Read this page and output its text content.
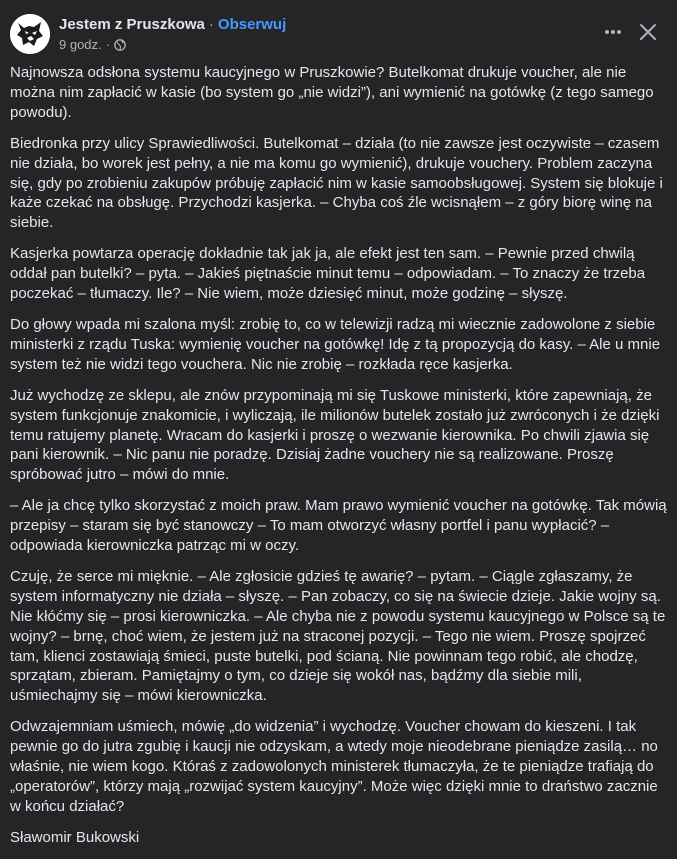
Jestem z Pruszkowa · Obserwuj
9 godz. ·

Najnowsza odsłona systemu kaucyjnego w Pruszkowie? Butelkomat drukuje voucher, ale nie można nim zapłacić w kasie (bo system go „nie widzi”), ani wymienić na gotówkę (z tego samego powodu).

Biedronka przy ulicy Sprawiedliwości. Butelkomat – działa (to nie zawsze jest oczywiste – czasem nie działa, bo worek jest pełny, a nie ma komu go wymienić), drukuje vouchery. Problem zaczyna się, gdy po zrobieniu zakupów próbuję zapłacić nim w kasie samoobsługowej. System się blokuje i każe czekać na obsługę. Przychodzi kasjerka. – Chyba coś źle wcisnąłem – z góry biorę winę na siebie.

Kasjerka powtarza operację dokładnie tak jak ja, ale efekt jest ten sam. – Pewnie przed chwilą oddał pan butelki? – pyta. – Jakieś piętnaście minut temu – odpowiadam. – To znaczy że trzeba poczekać – tłumaczy. Ile? – Nie wiem, może dziesięć minut, może godzinę – słyszę.

Do głowy wpada mi szalona myśl: zrobię to, co w telewizji radzą mi wiecznie zadowolone z siebie ministerki z rządu Tuska: wymienię voucher na gotówkę! Idę z tą propozycją do kasy. – Ale u mnie system też nie widzi tego vouchera. Nic nie zrobię – rozkłada ręce kasjerka.

Już wychodzę ze sklepu, ale znów przypominają mi się Tuskowe ministerki, które zapewniają, że system funkcjonuje znakomicie, i wyliczają, ile milionów butelek zostało już zwróconych i że dzięki temu ratujemy planetę. Wracam do kasjerki i proszę o wezwanie kierownika. Po chwili zjawia się pani kierownik. – Nic panu nie poradzę. Dzisiaj żadne vouchery nie są realizowane. Proszę spróbować jutro – mówi do mnie.

– Ale ja chcę tylko skorzystać z moich praw. Mam prawo wymienić voucher na gotówkę. Tak mówią przepisy – staram się być stanowczy – To mam otworzyć własny portfel i panu wypłacić? – odpowiada kierowniczka patrząc mi w oczy.

Czuję, że serce mi mięknie. – Ale zgłosicie gdzieś tę awarię? – pytam. – Ciągle zgłaszamy, że system informatyczny nie działa – słyszę. – Pan zobaczy, co się na świecie dzieje. Jakie wojny są. Nie kłóćmy się – prosi kierowniczka. – Ale chyba nie z powodu systemu kaucyjnego w Polsce są te wojny? – brnę, choć wiem, że jestem już na straconej pozycji. – Tego nie wiem. Proszę spojrzeć tam, klienci zostawiają śmieci, puste butelki, pod ścianą. Nie powinnam tego robić, ale chodzę, sprzątam, zbieram. Pamiętajmy o tym, co dzieje się wokół nas, bądźmy dla siebie mili, uśmiechajmy się – mówi kierowniczka.

Odwzajemniam uśmiech, mówię „do widzenia” i wychodzę. Voucher chowam do kieszeni. I tak pewnie go do jutra zgubię i kaucji nie odzyskam, a wtedy moje nieodebrane pieniądze zasilą… no właśnie, nie wiem kogo. Któraś z zadowolonych ministerek tłumaczyła, że te pieniądze trafiają do „operatorów”, którzy mają „rozwijać system kaucyjny”. Może więc dzięki mnie to draństwo zacznie w końcu działać?

Sławomir Bukowski
